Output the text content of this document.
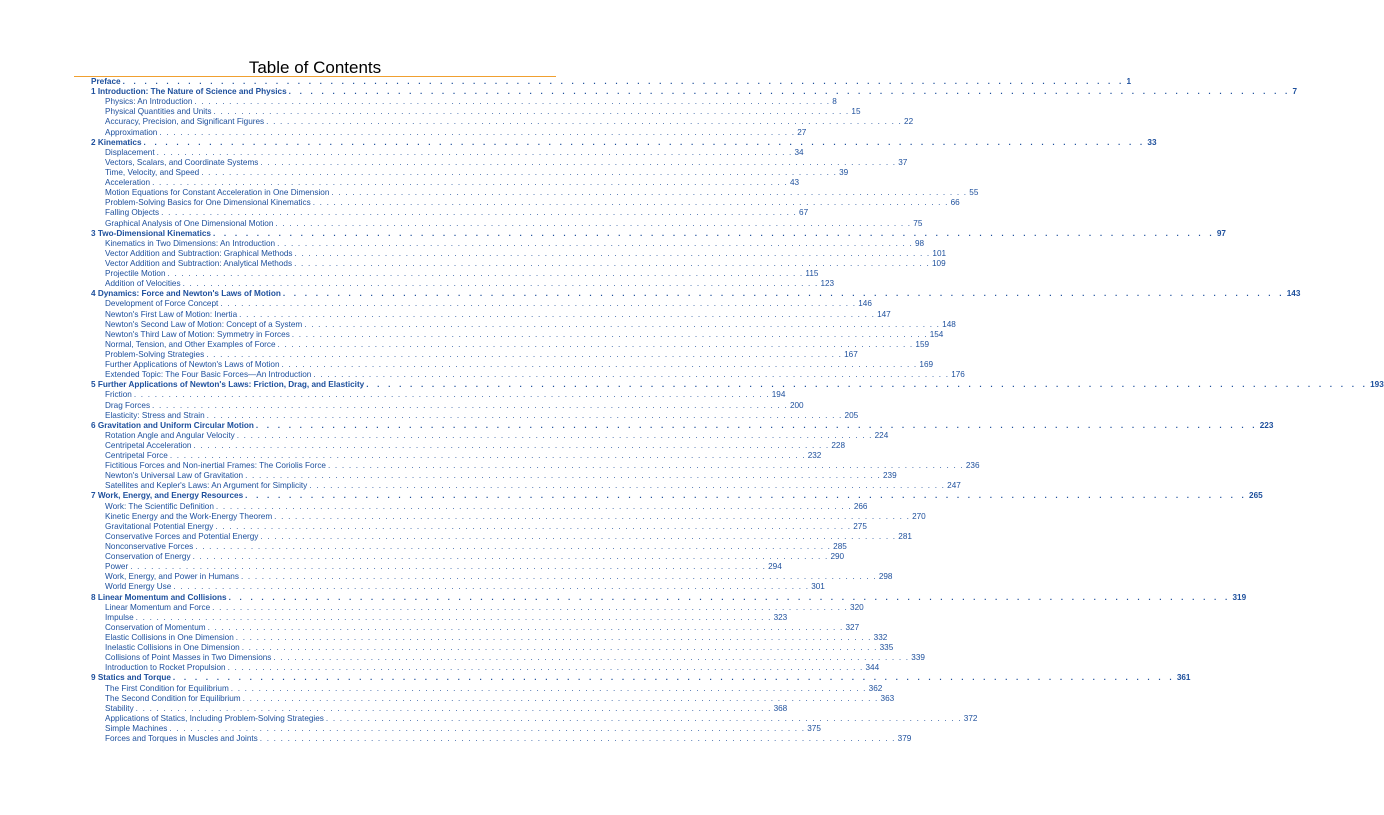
Table of Contents
Preface . . . . . . . . . . . . . . . . . . . . . . . . . . . . . . . . . . . . . . . . . . . . . . . . . . . . . . . . . . . . . . . . . . . . . . . . . . . . . . . . . . . . . . . . . . . . 1
1 Introduction: The Nature of Science and Physics . . . . . . . . . . . . . . . . . . . . . . . . . . . . . . . . . . . . . . . . . . . . . . . . . . . . . . . . . . . . . . . . . . . . . . . . . . . . . . . . . . . . . . . . . . . . 7
Physics: An Introduction . . . . . . . . . . . . . . . . . . . . . . . . . . . . . . . . . . . . . . . . . . . . . . . . . . . . . . . . . . . . . . . . . . . . . . . . . . . . . . . . . . . . . . . . . . . . 8
Physical Quantities and Units . . . . . . . . . . . . . . . . . . . . . . . . . . . . . . . . . . . . . . . . . . . . . . . . . . . . . . . . . . . . . . . . . . . . . . . . . . . . . . . . . . . . . . . . . . . . 15
Accuracy, Precision, and Significant Figures . . . . . . . . . . . . . . . . . . . . . . . . . . . . . . . . . . . . . . . . . . . . . . . . . . . . . . . . . . . . . . . . . . . . . . . . . . . . . . . . . . . . . . . . . . . . 22
Approximation . . . . . . . . . . . . . . . . . . . . . . . . . . . . . . . . . . . . . . . . . . . . . . . . . . . . . . . . . . . . . . . . . . . . . . . . . . . . . . . . . . . . . . . . . . . . 27
2 Kinematics . . . . . . . . . . . . . . . . . . . . . . . . . . . . . . . . . . . . . . . . . . . . . . . . . . . . . . . . . . . . . . . . . . . . . . . . . . . . . . . . . . . . . . . . . . . . 33
Displacement . . . . . . . . . . . . . . . . . . . . . . . . . . . . . . . . . . . . . . . . . . . . . . . . . . . . . . . . . . . . . . . . . . . . . . . . . . . . . . . . . . . . . . . . . . . . 34
Vectors, Scalars, and Coordinate Systems . . . . . . . . . . . . . . . . . . . . . . . . . . . . . . . . . . . . . . . . . . . . . . . . . . . . . . . . . . . . . . . . . . . . . . . . . . . . . . . . . . . . . . . . . . . . 37
Time, Velocity, and Speed . . . . . . . . . . . . . . . . . . . . . . . . . . . . . . . . . . . . . . . . . . . . . . . . . . . . . . . . . . . . . . . . . . . . . . . . . . . . . . . . . . . . . . . . . . . . 39
Acceleration . . . . . . . . . . . . . . . . . . . . . . . . . . . . . . . . . . . . . . . . . . . . . . . . . . . . . . . . . . . . . . . . . . . . . . . . . . . . . . . . . . . . . . . . . . . . 43
Motion Equations for Constant Acceleration in One Dimension . . . . . . . . . . . . . . . . . . . . . . . . . . . . . . . . . . . . . . . . . . . . . . . . . . . . . . . . . . . . . . . . . . . . . . . . . . . . . . . . . . . . . . . . . . . . 55
Problem-Solving Basics for One Dimensional Kinematics . . . . . . . . . . . . . . . . . . . . . . . . . . . . . . . . . . . . . . . . . . . . . . . . . . . . . . . . . . . . . . . . . . . . . . . . . . . . . . . . . . . . . . . . . . . . 66
Falling Objects . . . . . . . . . . . . . . . . . . . . . . . . . . . . . . . . . . . . . . . . . . . . . . . . . . . . . . . . . . . . . . . . . . . . . . . . . . . . . . . . . . . . . . . . . . . . 67
Graphical Analysis of One Dimensional Motion . . . . . . . . . . . . . . . . . . . . . . . . . . . . . . . . . . . . . . . . . . . . . . . . . . . . . . . . . . . . . . . . . . . . . . . . . . . . . . . . . . . . . . . . . . . . 75
3 Two-Dimensional Kinematics . . . . . . . . . . . . . . . . . . . . . . . . . . . . . . . . . . . . . . . . . . . . . . . . . . . . . . . . . . . . . . . . . . . . . . . . . . . . . . . . . . . . . . . . . . . . 97
Kinematics in Two Dimensions: An Introduction . . . . . . . . . . . . . . . . . . . . . . . . . . . . . . . . . . . . . . . . . . . . . . . . . . . . . . . . . . . . . . . . . . . . . . . . . . . . . . . . . . . . . . . . . . . . 98
Vector Addition and Subtraction: Graphical Methods . . . . . . . . . . . . . . . . . . . . . . . . . . . . . . . . . . . . . . . . . . . . . . . . . . . . . . . . . . . . . . . . . . . . . . . . . . . . . . . . . . . . . . . . . . . . 101
Vector Addition and Subtraction: Analytical Methods . . . . . . . . . . . . . . . . . . . . . . . . . . . . . . . . . . . . . . . . . . . . . . . . . . . . . . . . . . . . . . . . . . . . . . . . . . . . . . . . . . . . . . . . . . . . 109
Projectile Motion . . . . . . . . . . . . . . . . . . . . . . . . . . . . . . . . . . . . . . . . . . . . . . . . . . . . . . . . . . . . . . . . . . . . . . . . . . . . . . . . . . . . . . . . . . . . 115
Addition of Velocities . . . . . . . . . . . . . . . . . . . . . . . . . . . . . . . . . . . . . . . . . . . . . . . . . . . . . . . . . . . . . . . . . . . . . . . . . . . . . . . . . . . . . . . . . . . . 123
4 Dynamics: Force and Newton's Laws of Motion . . . . . . . . . . . . . . . . . . . . . . . . . . . . . . . . . . . . . . . . . . . . . . . . . . . . . . . . . . . . . . . . . . . . . . . . . . . . . . . . . . . . . . . . . . . . 143
Development of Force Concept . . . . . . . . . . . . . . . . . . . . . . . . . . . . . . . . . . . . . . . . . . . . . . . . . . . . . . . . . . . . . . . . . . . . . . . . . . . . . . . . . . . . . . . . . . . . 146
Newton's First Law of Motion: Inertia . . . . . . . . . . . . . . . . . . . . . . . . . . . . . . . . . . . . . . . . . . . . . . . . . . . . . . . . . . . . . . . . . . . . . . . . . . . . . . . . . . . . . . . . . . . . 147
Newton's Second Law of Motion: Concept of a System . . . . . . . . . . . . . . . . . . . . . . . . . . . . . . . . . . . . . . . . . . . . . . . . . . . . . . . . . . . . . . . . . . . . . . . . . . . . . . . . . . . . . . . . . . . . 148
Newton's Third Law of Motion: Symmetry in Forces . . . . . . . . . . . . . . . . . . . . . . . . . . . . . . . . . . . . . . . . . . . . . . . . . . . . . . . . . . . . . . . . . . . . . . . . . . . . . . . . . . . . . . . . . . . . 154
Normal, Tension, and Other Examples of Force . . . . . . . . . . . . . . . . . . . . . . . . . . . . . . . . . . . . . . . . . . . . . . . . . . . . . . . . . . . . . . . . . . . . . . . . . . . . . . . . . . . . . . . . . . . . 159
Problem-Solving Strategies . . . . . . . . . . . . . . . . . . . . . . . . . . . . . . . . . . . . . . . . . . . . . . . . . . . . . . . . . . . . . . . . . . . . . . . . . . . . . . . . . . . . . . . . . . . . 167
Further Applications of Newton's Laws of Motion . . . . . . . . . . . . . . . . . . . . . . . . . . . . . . . . . . . . . . . . . . . . . . . . . . . . . . . . . . . . . . . . . . . . . . . . . . . . . . . . . . . . . . . . . . . . 169
Extended Topic: The Four Basic Forces—An Introduction . . . . . . . . . . . . . . . . . . . . . . . . . . . . . . . . . . . . . . . . . . . . . . . . . . . . . . . . . . . . . . . . . . . . . . . . . . . . . . . . . . . . . . . . . . . . 176
5 Further Applications of Newton's Laws: Friction, Drag, and Elasticity . . . . . . . . . . . . . . . . . . . . . . . . . . . . . . . . . . . . . . . . . . . . . . . . . . . . . . . . . . . . . . . . . . . . . . . . . . . . . . . . . . . . . . . . . . . . 193
Friction . . . . . . . . . . . . . . . . . . . . . . . . . . . . . . . . . . . . . . . . . . . . . . . . . . . . . . . . . . . . . . . . . . . . . . . . . . . . . . . . . . . . . . . . . . . . 194
Drag Forces . . . . . . . . . . . . . . . . . . . . . . . . . . . . . . . . . . . . . . . . . . . . . . . . . . . . . . . . . . . . . . . . . . . . . . . . . . . . . . . . . . . . . . . . . . . . 200
Elasticity: Stress and Strain . . . . . . . . . . . . . . . . . . . . . . . . . . . . . . . . . . . . . . . . . . . . . . . . . . . . . . . . . . . . . . . . . . . . . . . . . . . . . . . . . . . . . . . . . . . . 205
6 Gravitation and Uniform Circular Motion . . . . . . . . . . . . . . . . . . . . . . . . . . . . . . . . . . . . . . . . . . . . . . . . . . . . . . . . . . . . . . . . . . . . . . . . . . . . . . . . . . . . . . . . . . . . 223
Rotation Angle and Angular Velocity . . . . . . . . . . . . . . . . . . . . . . . . . . . . . . . . . . . . . . . . . . . . . . . . . . . . . . . . . . . . . . . . . . . . . . . . . . . . . . . . . . . . . . . . . . . . 224
Centripetal Acceleration . . . . . . . . . . . . . . . . . . . . . . . . . . . . . . . . . . . . . . . . . . . . . . . . . . . . . . . . . . . . . . . . . . . . . . . . . . . . . . . . . . . . . . . . . . . . 228
Centripetal Force . . . . . . . . . . . . . . . . . . . . . . . . . . . . . . . . . . . . . . . . . . . . . . . . . . . . . . . . . . . . . . . . . . . . . . . . . . . . . . . . . . . . . . . . . . . . 232
Fictitious Forces and Non-inertial Frames: The Coriolis Force . . . . . . . . . . . . . . . . . . . . . . . . . . . . . . . . . . . . . . . . . . . . . . . . . . . . . . . . . . . . . . . . . . . . . . . . . . . . . . . . . . . . . . . . . . . . 236
Newton's Universal Law of Gravitation . . . . . . . . . . . . . . . . . . . . . . . . . . . . . . . . . . . . . . . . . . . . . . . . . . . . . . . . . . . . . . . . . . . . . . . . . . . . . . . . . . . . . . . . . . . . 239
Satellites and Kepler's Laws: An Argument for Simplicity . . . . . . . . . . . . . . . . . . . . . . . . . . . . . . . . . . . . . . . . . . . . . . . . . . . . . . . . . . . . . . . . . . . . . . . . . . . . . . . . . . . . . . . . . . . . 247
7 Work, Energy, and Energy Resources . . . . . . . . . . . . . . . . . . . . . . . . . . . . . . . . . . . . . . . . . . . . . . . . . . . . . . . . . . . . . . . . . . . . . . . . . . . . . . . . . . . . . . . . . . . . 265
Work: The Scientific Definition . . . . . . . . . . . . . . . . . . . . . . . . . . . . . . . . . . . . . . . . . . . . . . . . . . . . . . . . . . . . . . . . . . . . . . . . . . . . . . . . . . . . . . . . . . . . 266
Kinetic Energy and the Work-Energy Theorem . . . . . . . . . . . . . . . . . . . . . . . . . . . . . . . . . . . . . . . . . . . . . . . . . . . . . . . . . . . . . . . . . . . . . . . . . . . . . . . . . . . . . . . . . . . . 270
Gravitational Potential Energy . . . . . . . . . . . . . . . . . . . . . . . . . . . . . . . . . . . . . . . . . . . . . . . . . . . . . . . . . . . . . . . . . . . . . . . . . . . . . . . . . . . . . . . . . . . . 275
Conservative Forces and Potential Energy . . . . . . . . . . . . . . . . . . . . . . . . . . . . . . . . . . . . . . . . . . . . . . . . . . . . . . . . . . . . . . . . . . . . . . . . . . . . . . . . . . . . . . . . . . . . 281
Nonconservative Forces . . . . . . . . . . . . . . . . . . . . . . . . . . . . . . . . . . . . . . . . . . . . . . . . . . . . . . . . . . . . . . . . . . . . . . . . . . . . . . . . . . . . . . . . . . . . 285
Conservation of Energy . . . . . . . . . . . . . . . . . . . . . . . . . . . . . . . . . . . . . . . . . . . . . . . . . . . . . . . . . . . . . . . . . . . . . . . . . . . . . . . . . . . . . . . . . . . . 290
Power . . . . . . . . . . . . . . . . . . . . . . . . . . . . . . . . . . . . . . . . . . . . . . . . . . . . . . . . . . . . . . . . . . . . . . . . . . . . . . . . . . . . . . . . . . . . 294
Work, Energy, and Power in Humans . . . . . . . . . . . . . . . . . . . . . . . . . . . . . . . . . . . . . . . . . . . . . . . . . . . . . . . . . . . . . . . . . . . . . . . . . . . . . . . . . . . . . . . . . . . . 298
World Energy Use . . . . . . . . . . . . . . . . . . . . . . . . . . . . . . . . . . . . . . . . . . . . . . . . . . . . . . . . . . . . . . . . . . . . . . . . . . . . . . . . . . . . . . . . . . . . 301
8 Linear Momentum and Collisions . . . . . . . . . . . . . . . . . . . . . . . . . . . . . . . . . . . . . . . . . . . . . . . . . . . . . . . . . . . . . . . . . . . . . . . . . . . . . . . . . . . . . . . . . . . . 319
Linear Momentum and Force . . . . . . . . . . . . . . . . . . . . . . . . . . . . . . . . . . . . . . . . . . . . . . . . . . . . . . . . . . . . . . . . . . . . . . . . . . . . . . . . . . . . . . . . . . . . 320
Impulse . . . . . . . . . . . . . . . . . . . . . . . . . . . . . . . . . . . . . . . . . . . . . . . . . . . . . . . . . . . . . . . . . . . . . . . . . . . . . . . . . . . . . . . . . . . . 323
Conservation of Momentum . . . . . . . . . . . . . . . . . . . . . . . . . . . . . . . . . . . . . . . . . . . . . . . . . . . . . . . . . . . . . . . . . . . . . . . . . . . . . . . . . . . . . . . . . . . . 327
Elastic Collisions in One Dimension . . . . . . . . . . . . . . . . . . . . . . . . . . . . . . . . . . . . . . . . . . . . . . . . . . . . . . . . . . . . . . . . . . . . . . . . . . . . . . . . . . . . . . . . . . . . 332
Inelastic Collisions in One Dimension . . . . . . . . . . . . . . . . . . . . . . . . . . . . . . . . . . . . . . . . . . . . . . . . . . . . . . . . . . . . . . . . . . . . . . . . . . . . . . . . . . . . . . . . . . . . 335
Collisions of Point Masses in Two Dimensions . . . . . . . . . . . . . . . . . . . . . . . . . . . . . . . . . . . . . . . . . . . . . . . . . . . . . . . . . . . . . . . . . . . . . . . . . . . . . . . . . . . . . . . . . . . . 339
Introduction to Rocket Propulsion . . . . . . . . . . . . . . . . . . . . . . . . . . . . . . . . . . . . . . . . . . . . . . . . . . . . . . . . . . . . . . . . . . . . . . . . . . . . . . . . . . . . . . . . . . . . 344
9 Statics and Torque . . . . . . . . . . . . . . . . . . . . . . . . . . . . . . . . . . . . . . . . . . . . . . . . . . . . . . . . . . . . . . . . . . . . . . . . . . . . . . . . . . . . . . . . . . . . 361
The First Condition for Equilibrium . . . . . . . . . . . . . . . . . . . . . . . . . . . . . . . . . . . . . . . . . . . . . . . . . . . . . . . . . . . . . . . . . . . . . . . . . . . . . . . . . . . . . . . . . . . . 362
The Second Condition for Equilibrium . . . . . . . . . . . . . . . . . . . . . . . . . . . . . . . . . . . . . . . . . . . . . . . . . . . . . . . . . . . . . . . . . . . . . . . . . . . . . . . . . . . . . . . . . . . . 363
Stability . . . . . . . . . . . . . . . . . . . . . . . . . . . . . . . . . . . . . . . . . . . . . . . . . . . . . . . . . . . . . . . . . . . . . . . . . . . . . . . . . . . . . . . . . . . . 368
Applications of Statics, Including Problem-Solving Strategies . . . . . . . . . . . . . . . . . . . . . . . . . . . . . . . . . . . . . . . . . . . . . . . . . . . . . . . . . . . . . . . . . . . . . . . . . . . . . . . . . . . . . . . . . . . . 372
Simple Machines . . . . . . . . . . . . . . . . . . . . . . . . . . . . . . . . . . . . . . . . . . . . . . . . . . . . . . . . . . . . . . . . . . . . . . . . . . . . . . . . . . . . . . . . . . . . 375
Forces and Torques in Muscles and Joints . . . . . . . . . . . . . . . . . . . . . . . . . . . . . . . . . . . . . . . . . . . . . . . . . . . . . . . . . . . . . . . . . . . . . . . . . . . . . . . . . . . . . . . . . . . . 379
